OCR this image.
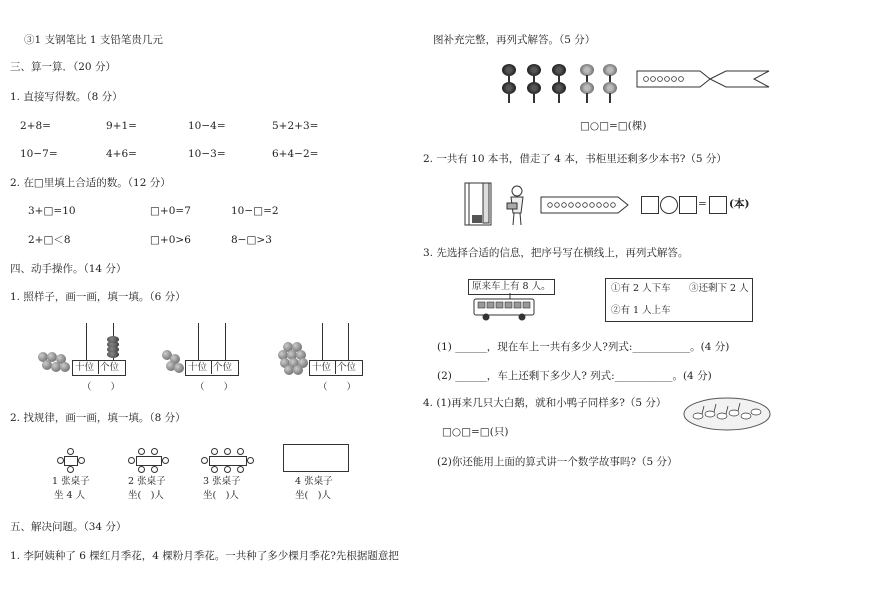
③1 支钢笔比 1 支铅笔贵几元
三、算一算．（20 分）
1. 直接写得数。（8 分）
2+8=	9+1=	10−4=	5+2+3=
10−7=	4+6=	10−3=	6+4−2=
2. 在□里填上合适的数。（12 分）
3+□=10	□+0=7	10−□=2
2+□＜8	□+0>6	8−□>3
四、动手操作。（14 分）
1. 照样子，画一画，填一填。（6 分）
十位 个位
（　　）
十位 个位
（　　）
十位 个位
（　　）
2. 找规律，画一画，填一填。（8 分）
1 张桌子
坐 4 人
2 张桌子
坐(　)人
3 张桌子
坐(　)人
4 张桌子
坐(　)人
五、解决问题。（34 分）
1. 李阿姨种了 6 棵红月季花，4 棵粉月季花。一共种了多少棵月季花?先根据题意把
图补充完整，再列式解答。（5 分）
□○□=□(棵)
2. 一共有 10 本书，借走了 4 本，书柜里还剩多少本书?（5 分）
= (本)
3. 先选择合适的信息，把序号写在横线上，再列式解答。
原来车上有 8 人。	①有 2 人下车 ③还剩下 2 人
②有 1 人上车
(1) ______，现在车上一共有多少人?列式:___________。(4 分)
(2) ______，车上还剩下多少人? 列式:___________。(4 分)
4. (1)再来几只大白鹅，就和小鸭子同样多?（5 分）
□○□=□(只)
(2)你还能用上面的算式讲一个数学故事吗?（5 分）
